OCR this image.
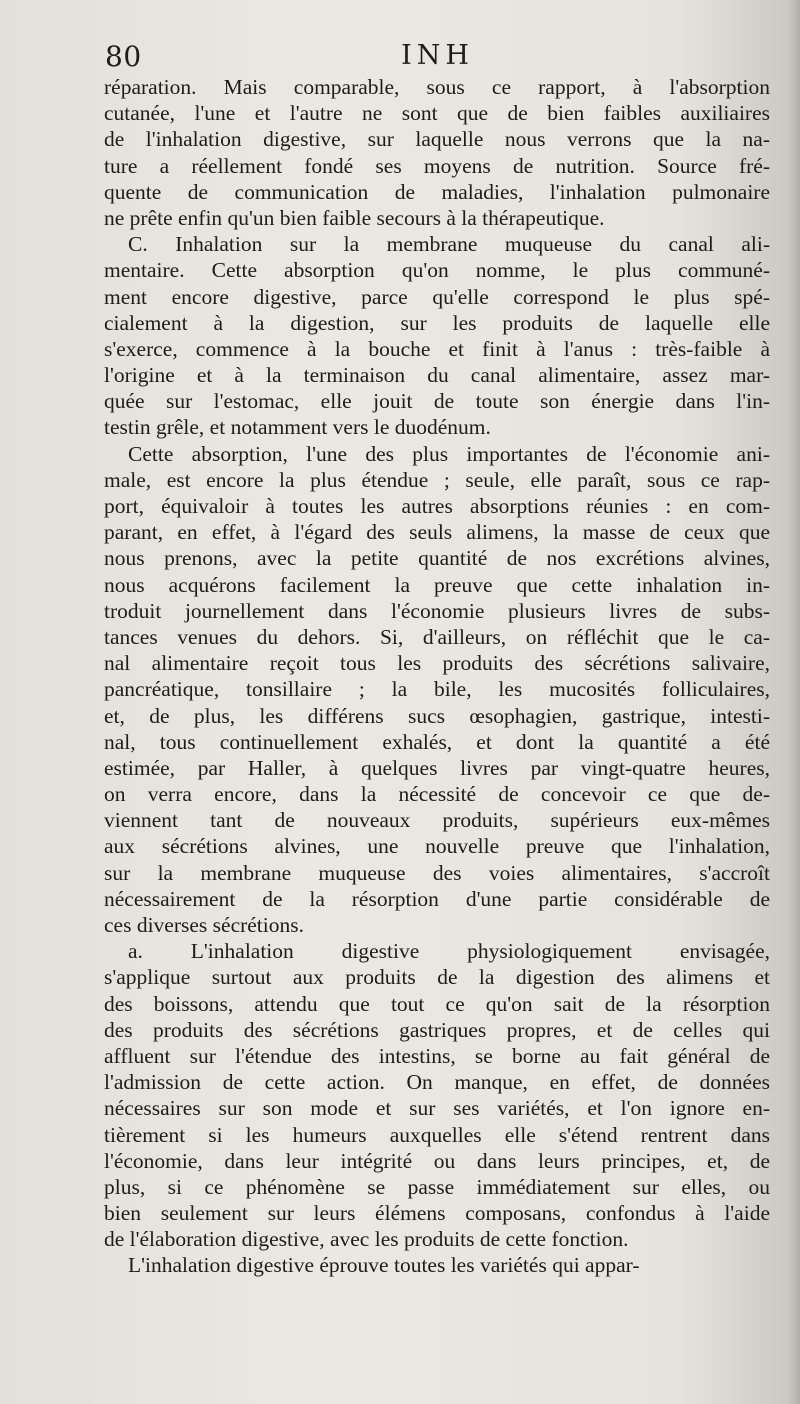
80	INH
réparation. Mais comparable, sous ce rapport, à l'absorption
cutanée, l'une et l'autre ne sont que de bien faibles auxiliaires
de l'inhalation digestive, sur laquelle nous verrons que la na-
ture a réellement fondé ses moyens de nutrition. Source fré-
quente de communication de maladies, l'inhalation pulmonaire
ne prête enfin qu'un bien faible secours à la thérapeutique.
C. Inhalation sur la membrane muqueuse du canal ali-
mentaire. Cette absorption qu'on nomme, le plus communé-
ment encore digestive, parce qu'elle correspond le plus spé-
cialement à la digestion, sur les produits de laquelle elle
s'exerce, commence à la bouche et finit à l'anus : très-faible à
l'origine et à la terminaison du canal alimentaire, assez mar-
quée sur l'estomac, elle jouit de toute son énergie dans l'in-
testin grêle, et notamment vers le duodénum.
Cette absorption, l'une des plus importantes de l'économie ani-
male, est encore la plus étendue ; seule, elle paraît, sous ce rap-
port, équivaloir à toutes les autres absorptions réunies : en com-
parant, en effet, à l'égard des seuls alimens, la masse de ceux que
nous prenons, avec la petite quantité de nos excrétions alvines,
nous acquérons facilement la preuve que cette inhalation in-
troduit journellement dans l'économie plusieurs livres de subs-
tances venues du dehors. Si, d'ailleurs, on réfléchit que le ca-
nal alimentaire reçoit tous les produits des sécrétions salivaire,
pancréatique, tonsillaire ; la bile, les mucosités folliculaires,
et, de plus, les différens sucs œsophagien, gastrique, intesti-
nal, tous continuellement exhalés, et dont la quantité a été
estimée, par Haller, à quelques livres par vingt-quatre heures,
on verra encore, dans la nécessité de concevoir ce que de-
viennent tant de nouveaux produits, supérieurs eux-mêmes
aux sécrétions alvines, une nouvelle preuve que l'inhalation,
sur la membrane muqueuse des voies alimentaires, s'accroît
nécessairement de la résorption d'une partie considérable de
ces diverses sécrétions.
a. L'inhalation digestive physiologiquement envisagée,
s'applique surtout aux produits de la digestion des alimens et
des boissons, attendu que tout ce qu'on sait de la résorption
des produits des sécrétions gastriques propres, et de celles qui
affluent sur l'étendue des intestins, se borne au fait général de
l'admission de cette action. On manque, en effet, de données
nécessaires sur son mode et sur ses variétés, et l'on ignore en-
tièrement si les humeurs auxquelles elle s'étend rentrent dans
l'économie, dans leur intégrité ou dans leurs principes, et, de
plus, si ce phénomène se passe immédiatement sur elles, ou
bien seulement sur leurs élémens composans, confondus à l'aide
de l'élaboration digestive, avec les produits de cette fonction.
L'inhalation digestive éprouve toutes les variétés qui appar-
